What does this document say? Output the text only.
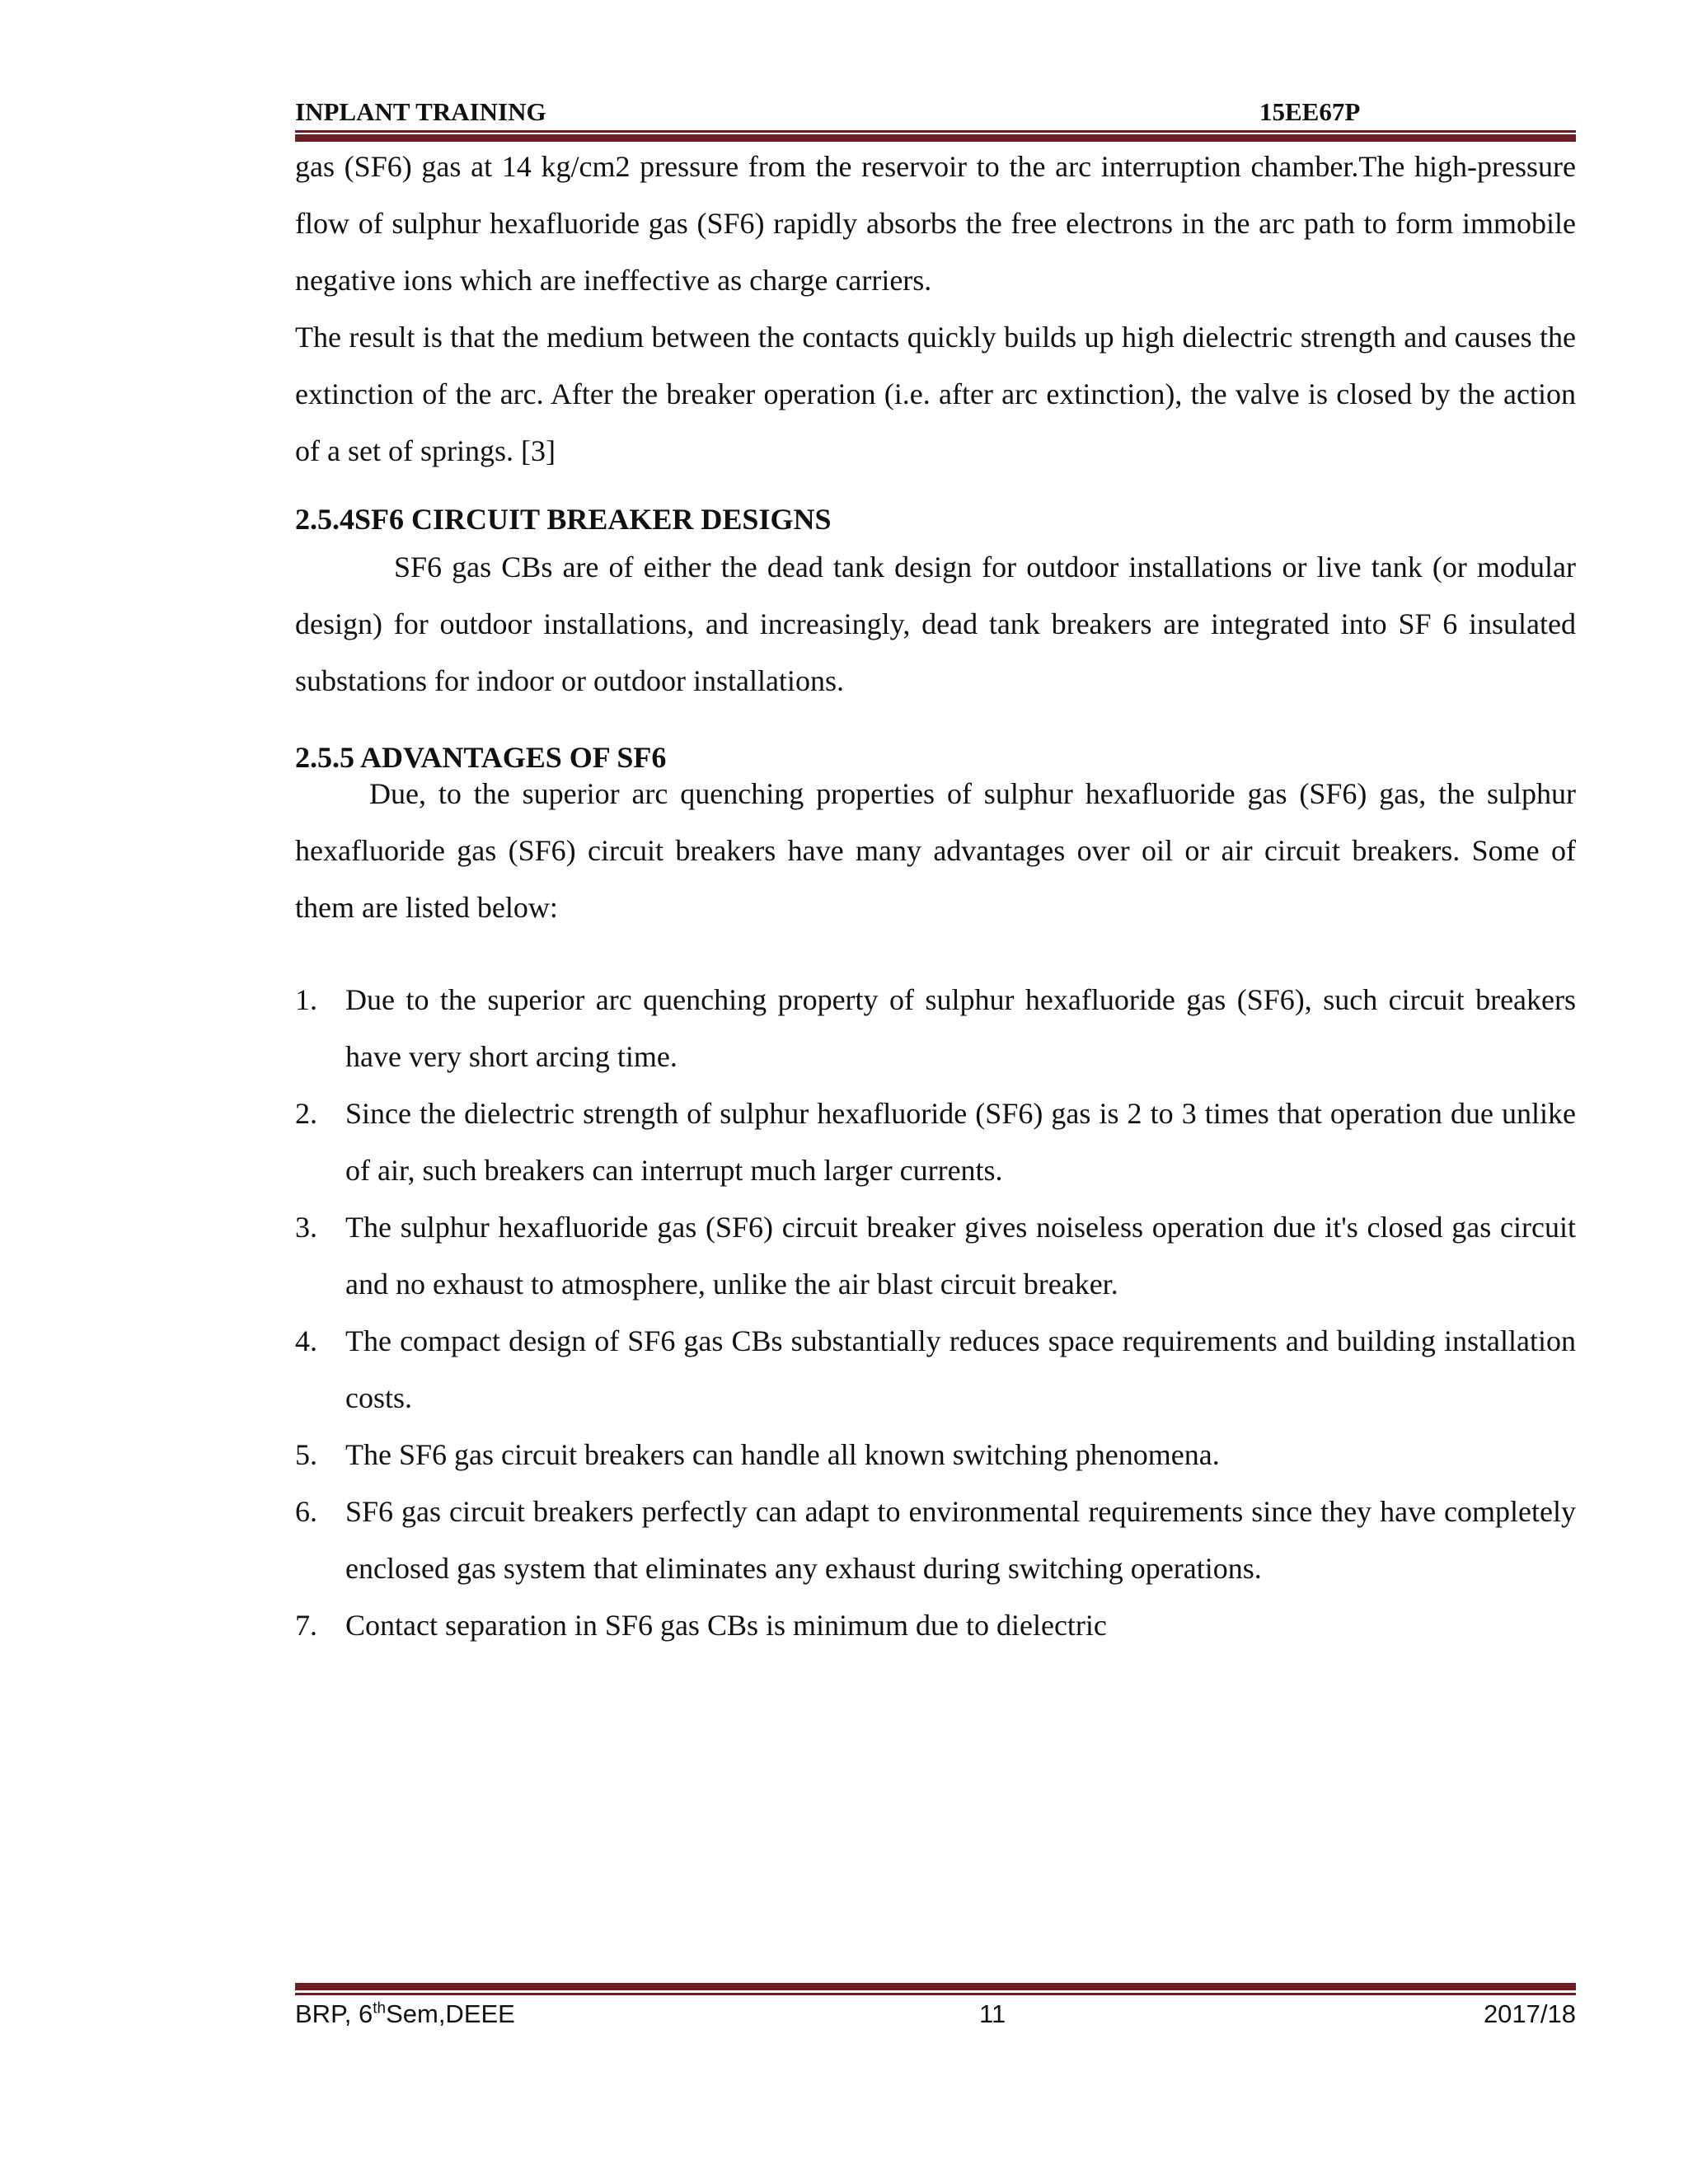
INPLANT TRAINING	15EE67P

gas (SF6) gas at 14 kg/cm2 pressure from the reservoir to the arc interruption chamber.The high-pressure flow of sulphur hexafluoride gas (SF6) rapidly absorbs the free electrons in the arc path to form immobile negative ions which are ineffective as charge carriers.

The result is that the medium between the contacts quickly builds up high dielectric strength and causes the extinction of the arc. After the breaker operation (i.e. after arc extinction), the valve is closed by the action of a set of springs. [3]

2.5.4SF6 CIRCUIT BREAKER DESIGNS

SF6 gas CBs are of either the dead tank design for outdoor installations or live tank (or modular design) for outdoor installations, and increasingly, dead tank breakers are integrated into SF 6 insulated substations for indoor or outdoor installations.

2.5.5 ADVANTAGES OF SF6

Due, to the superior arc quenching properties of sulphur hexafluoride gas (SF6) gas, the sulphur hexafluoride gas (SF6) circuit breakers have many advantages over oil or air circuit breakers. Some of them are listed below:

1. Due to the superior arc quenching property of sulphur hexafluoride gas (SF6), such circuit breakers have very short arcing time.
2. Since the dielectric strength of sulphur hexafluoride (SF6) gas is 2 to 3 times that operation due unlike of air, such breakers can interrupt much larger currents.
3. The sulphur hexafluoride gas (SF6) circuit breaker gives noiseless operation due it's closed gas circuit and no exhaust to atmosphere, unlike the air blast circuit breaker.
4. The compact design of SF6 gas CBs substantially reduces space requirements and building installation costs.
5. The SF6 gas circuit breakers can handle all known switching phenomena.
6. SF6 gas circuit breakers perfectly can adapt to environmental requirements since they have completely enclosed gas system that eliminates any exhaust during switching operations.
7. Contact separation in SF6 gas CBs is minimum due to dielectric
BRP, 6thSem,DEEE	11	2017/18
